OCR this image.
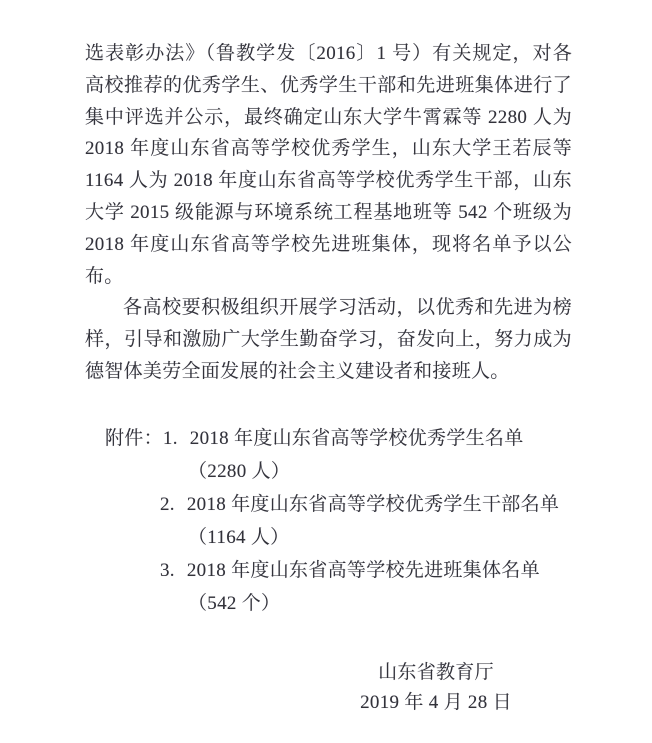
选表彰办法》（鲁教学发〔2016〕1 号）有关规定，对各高校推荐的优秀学生、优秀学生干部和先进班集体进行了集中评选并公示，最终确定山东大学牛霄霖等 2280 人为 2018 年度山东省高等学校优秀学生，山东大学王若辰等 1164 人为 2018 年度山东省高等学校优秀学生干部，山东大学 2015 级能源与环境系统工程基地班等 542 个班级为 2018 年度山东省高等学校先进班集体，现将名单予以公布。

各高校要积极组织开展学习活动，以优秀和先进为榜样，引导和激励广大学生勤奋学习，奋发向上，努力成为德智体美劳全面发展的社会主义建设者和接班人。

附件：1. 2018 年度山东省高等学校优秀学生名单
（2280 人）
2. 2018 年度山东省高等学校优秀学生干部名单
（1164 人）
3. 2018 年度山东省高等学校先进班集体名单
（542 个）

山东省教育厅

2019 年 4 月 28 日
